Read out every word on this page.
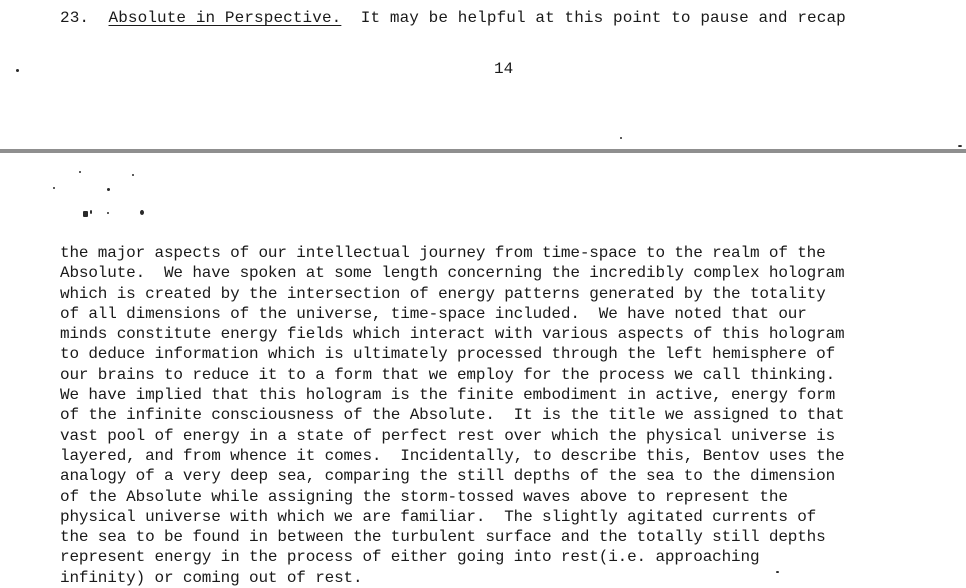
23. Absolute in Perspective. It may be helpful at this point to pause and recap
14
the major aspects of our intellectual journey from time-space to the realm of the
Absolute.  We have spoken at some length concerning the incredibly complex hologram
which is created by the intersection of energy patterns generated by the totality
of all dimensions of the universe, time-space included.  We have noted that our
minds constitute energy fields which interact with various aspects of this hologram
to deduce information which is ultimately processed through the left hemisphere of
our brains to reduce it to a form that we employ for the process we call thinking.
We have implied that this hologram is the finite embodiment in active, energy form
of the infinite consciousness of the Absolute.  It is the title we assigned to that
vast pool of energy in a state of perfect rest over which the physical universe is
layered, and from whence it comes.  Incidentally, to describe this, Bentov uses the
analogy of a very deep sea, comparing the still depths of the sea to the dimension
of the Absolute while assigning the storm-tossed waves above to represent the
physical universe with which we are familiar.  The slightly agitated currents of
the sea to be found in between the turbulent surface and the totally still depths
represent energy in the process of either going into rest(i.e. approaching
infinity) or coming out of rest.
